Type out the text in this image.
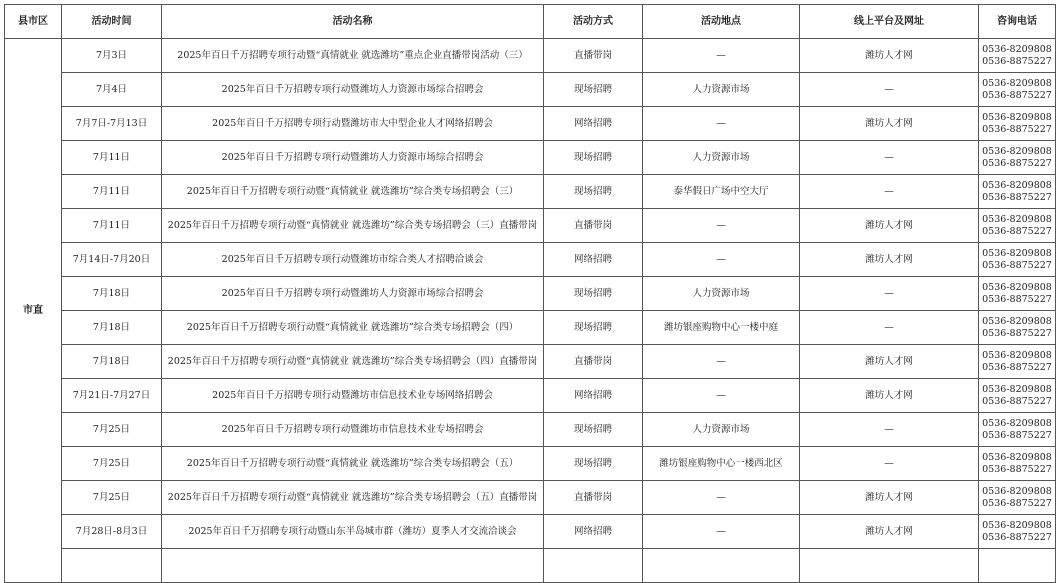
县市区	活动时间	活动名称	活动方式	活动地点	线上平台及网址	咨询电话
市直	7月3日	2025年百日千万招聘专项行动暨“真情就业 就选潍坊”重点企业直播带岗活动（三）	直播带岗	—	潍坊人才网	0536-8209808
0536-8875227

	7月4日	2025年百日千万招聘专项行动暨潍坊人力资源市场综合招聘会	现场招聘	人力资源市场	—	0536-8209808
0536-8875227

	7月7日-7月13日	2025年百日千万招聘专项行动暨潍坊市大中型企业人才网络招聘会	网络招聘	—	潍坊人才网	0536-8209808
0536-8875227

	7月11日	2025年百日千万招聘专项行动暨潍坊人力资源市场综合招聘会	现场招聘	人力资源市场	—	0536-8209808
0536-8875227

	7月11日	2025年百日千万招聘专项行动暨“真情就业 就选潍坊”综合类专场招聘会（三）	现场招聘	泰华假日广场中空大厅	—	0536-8209808
0536-8875227

	7月11日	2025年百日千万招聘专项行动暨“真情就业 就选潍坊”综合类专场招聘会（三）直播带岗	直播带岗	—	潍坊人才网	0536-8209808
0536-8875227

	7月14日-7月20日	2025年百日千万招聘专项行动暨潍坊市综合类人才招聘洽谈会	网络招聘	—	潍坊人才网	0536-8209808
0536-8875227

	7月18日	2025年百日千万招聘专项行动暨潍坊人力资源市场综合招聘会	现场招聘	人力资源市场	—	0536-8209808
0536-8875227

	7月18日	2025年百日千万招聘专项行动暨“真情就业 就选潍坊”综合类专场招聘会（四）	现场招聘	潍坊银座购物中心一楼中庭	—	0536-8209808
0536-8875227

	7月18日	2025年百日千万招聘专项行动暨“真情就业 就选潍坊”综合类专场招聘会（四）直播带岗	直播带岗	—	潍坊人才网	0536-8209808
0536-8875227

	7月21日-7月27日	2025年百日千万招聘专项行动暨潍坊市信息技术业专场网络招聘会	网络招聘	—	潍坊人才网	0536-8209808
0536-8875227

	7月25日	2025年百日千万招聘专项行动暨潍坊市信息技术业专场招聘会	现场招聘	人力资源市场	—	0536-8209808
0536-8875227

	7月25日	2025年百日千万招聘专项行动暨“真情就业 就选潍坊”综合类专场招聘会（五）	现场招聘	潍坊银座购物中心一楼西北区	—	0536-8209808
0536-8875227

	7月25日	2025年百日千万招聘专项行动暨“真情就业 就选潍坊”综合类专场招聘会（五）直播带岗	直播带岗	—	潍坊人才网	0536-8209808
0536-8875227

	7月28日-8月3日	2025年百日千万招聘专项行动暨山东半岛城市群（潍坊）夏季人才交流洽谈会	网络招聘	—	潍坊人才网	0536-8209808
0536-8875227
